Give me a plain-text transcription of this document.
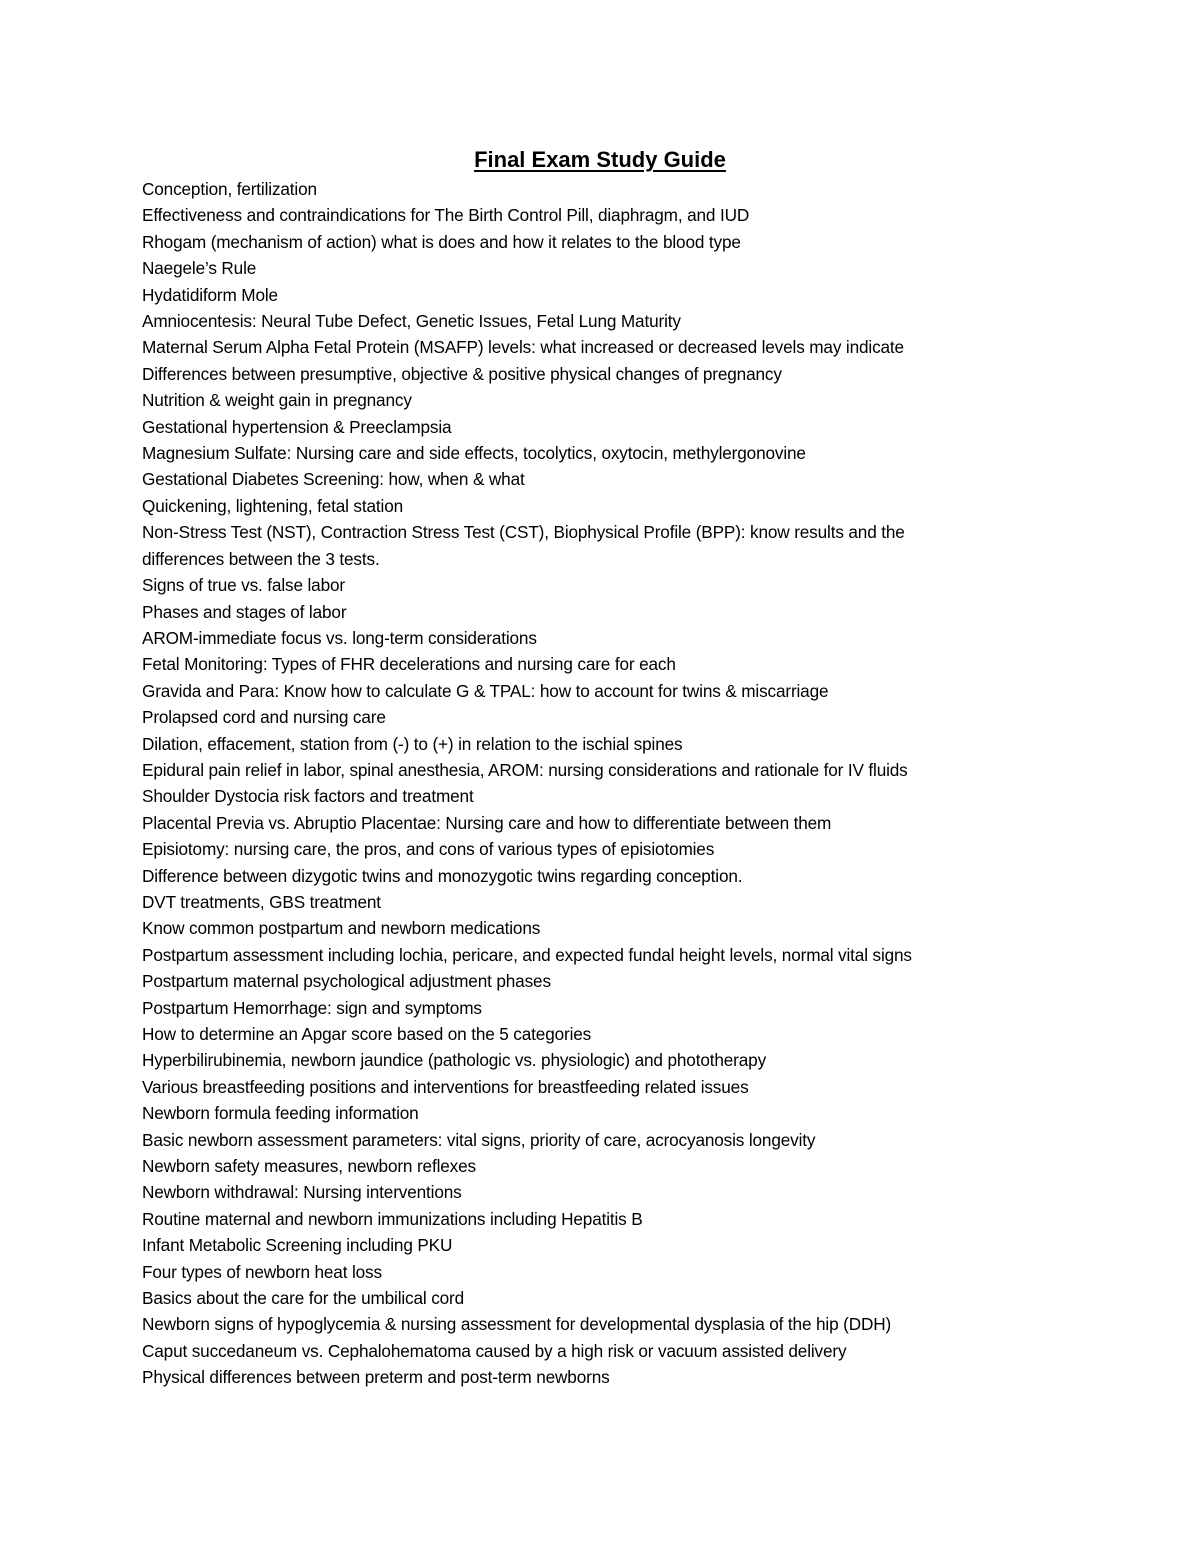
Final Exam Study Guide
Conception, fertilization
Effectiveness and contraindications for The Birth Control Pill, diaphragm, and IUD
Rhogam (mechanism of action) what is does and how it relates to the blood type
Naegele’s Rule
Hydatidiform Mole
Amniocentesis: Neural Tube Defect, Genetic Issues, Fetal Lung Maturity
Maternal Serum Alpha Fetal Protein (MSAFP) levels: what increased or decreased levels may indicate
Differences between presumptive, objective & positive physical changes of pregnancy
Nutrition & weight gain in pregnancy
Gestational hypertension & Preeclampsia
Magnesium Sulfate: Nursing care and side effects, tocolytics, oxytocin, methylergonovine
Gestational Diabetes Screening: how, when & what
Quickening, lightening, fetal station
Non-Stress Test (NST), Contraction Stress Test (CST), Biophysical Profile (BPP): know results and the
differences between the 3 tests.
Signs of true vs. false labor
Phases and stages of labor
AROM-immediate focus vs. long-term considerations
Fetal Monitoring: Types of FHR decelerations and nursing care for each
Gravida and Para: Know how to calculate G & TPAL: how to account for twins & miscarriage
Prolapsed cord and nursing care
Dilation, effacement, station from (-) to (+) in relation to the ischial spines
Epidural pain relief in labor, spinal anesthesia, AROM: nursing considerations and rationale for IV fluids
Shoulder Dystocia risk factors and treatment
Placental Previa vs. Abruptio Placentae: Nursing care and how to differentiate between them
Episiotomy: nursing care, the pros, and cons of various types of episiotomies
Difference between dizygotic twins and monozygotic twins regarding conception.
DVT treatments, GBS treatment
Know common postpartum and newborn medications
Postpartum assessment including lochia, pericare, and expected fundal height levels, normal vital signs
Postpartum maternal psychological adjustment phases
Postpartum Hemorrhage: sign and symptoms
How to determine an Apgar score based on the 5 categories
Hyperbilirubinemia, newborn jaundice (pathologic vs. physiologic) and phototherapy
Various breastfeeding positions and interventions for breastfeeding related issues
Newborn formula feeding information
Basic newborn assessment parameters: vital signs, priority of care, acrocyanosis longevity
Newborn safety measures, newborn reflexes
Newborn withdrawal: Nursing interventions
Routine maternal and newborn immunizations including Hepatitis B
Infant Metabolic Screening including PKU
Four types of newborn heat loss
Basics about the care for the umbilical cord
Newborn signs of hypoglycemia & nursing assessment for developmental dysplasia of the hip (DDH)
Caput succedaneum vs. Cephalohematoma caused by a high risk or vacuum assisted delivery
Physical differences between preterm and post-term newborns
